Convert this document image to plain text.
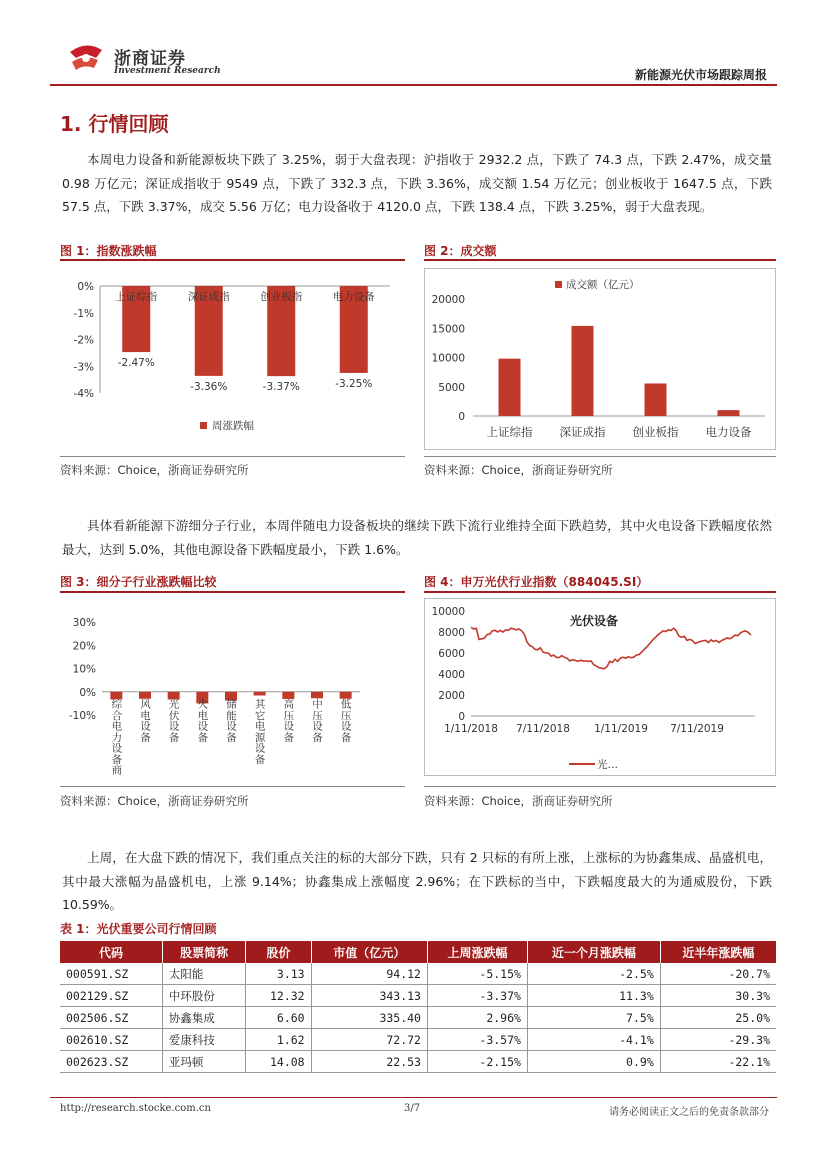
浙商证券
Investment Research	新能源光伏市场跟踪周报
1. 行情回顾
本周电力设备和新能源板块下跌了 3.25%，弱于大盘表现：沪指收于 2932.2 点，下跌了 74.3 点，下跌 2.47%，成交量 0.98 万亿元；深证成指收于 9549 点，下跌了 332.3 点，下跌 3.36%，成交额 1.54 万亿元；创业板收于 1647.5 点，下跌 57.5 点，下跌 3.37%，成交 5.56 万亿；电力设备收于 4120.0 点，下跌 138.4 点，下跌 3.25%，弱于大盘表现。
图 1：指数涨跌幅	图 2：成交额
0%
-1%
-2%
-3%
-4%
上证综指
-2.47%
深证成指
-3.36%
创业板指
-3.37%
电力设备
-3.25%
周涨跌幅
20000
15000
10000
5000
0
上证综指 深证成指 创业板指 电力设备
成交额（亿元）
资料来源：Choice，浙商证券研究所	资料来源：Choice，浙商证券研究所
具体看新能源下游细分子行业，本周伴随电力设备板块的继续下跌下流行业维持全面下跌趋势，其中火电设备下跌幅度依然最大，达到 5.0%，其他电源设备下跌幅度最小，下跌 1.6%。
图 3：细分子行业涨跌幅比较	图 4：申万光伏行业指数（884045.SI）
30%
20%
10%
0%
-10%
综合电力设备商
风电设备
光伏设备
火电设备
储能设备
其它电源设备
高压设备
中压设备
低压设备
10000
8000
6000
4000
2000
0
1/11/2018 7/11/2018 1/11/2019 7/11/2019
光伏设备
光…
资料来源：Choice，浙商证券研究所	资料来源：Choice，浙商证券研究所
上周，在大盘下跌的情况下，我们重点关注的标的大部分下跌，只有 2 只标的有所上涨，上涨标的为协鑫集成、晶盛机电，其中最大涨幅为晶盛机电，上涨 9.14%；协鑫集成上涨幅度 2.96%；在下跌标的当中，下跌幅度最大的为通威股份，下跌 10.59%。
表 1：光伏重要公司行情回顾
代码	股票简称	股价	市值（亿元）	上周涨跌幅	近一个月涨跌幅	近半年涨跌幅
000591.SZ	太阳能	3.13	94.12	-5.15%	-2.5%	-20.7%
002129.SZ	中环股份	12.32	343.13	-3.37%	11.3%	30.3%
002506.SZ	协鑫集成	6.60	335.40	2.96%	7.5%	25.0%
002610.SZ	爱康科技	1.62	72.72	-3.57%	-4.1%	-29.3%
002623.SZ	亚玛顿	14.08	22.53	-2.15%	0.9%	-22.1%
http://research.stocke.com.cn	3/7	请务必阅读正文之后的免责条款部分
